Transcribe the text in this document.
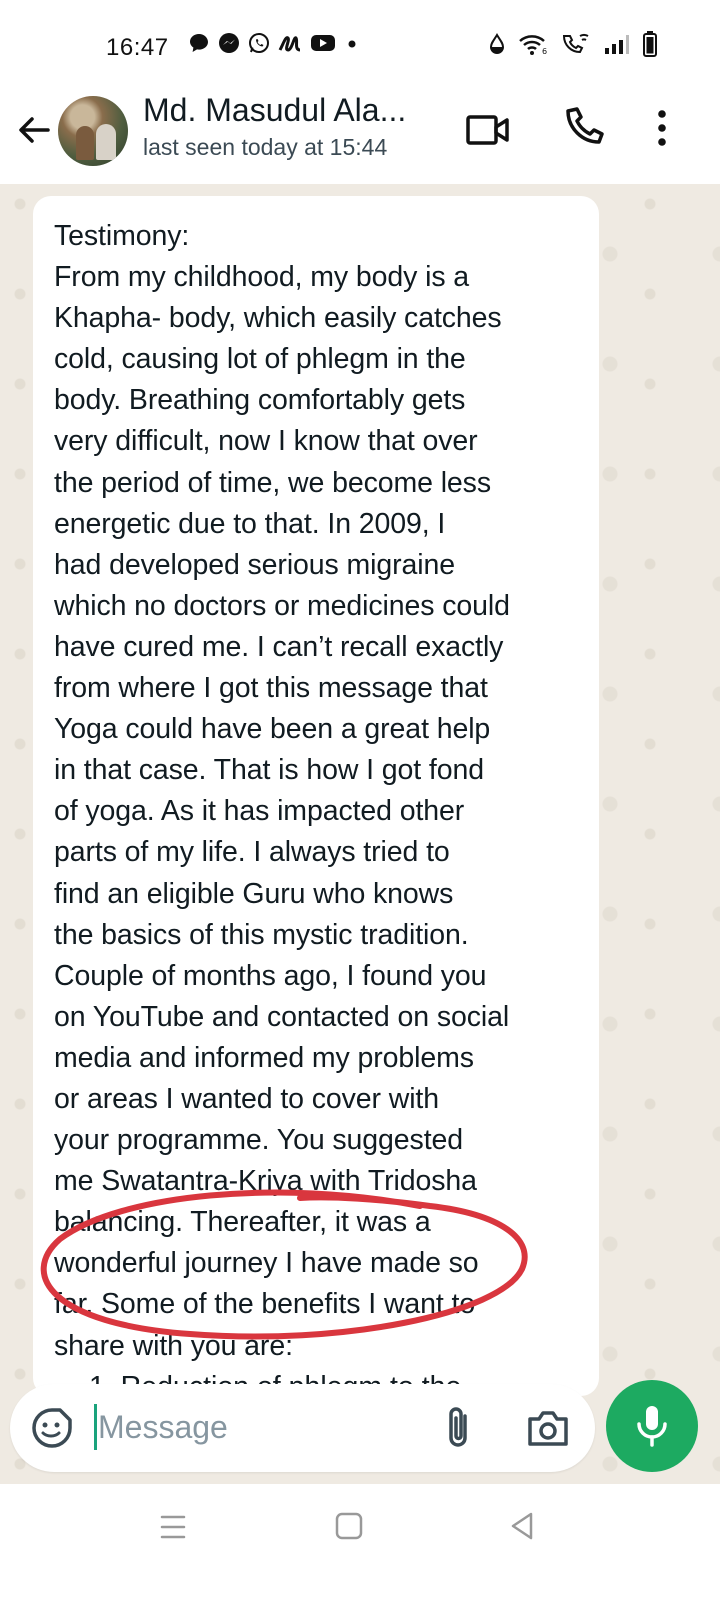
16:47	6
Md. Masudul Ala...
last seen today at 15:44
Testimony:
From my childhood, my body is a
Khapha- body, which easily catches
cold, causing lot of phlegm in the
body. Breathing comfortably gets
very difficult, now I know that over
the period of time, we become less
energetic due to that. In 2009, I
had developed serious migraine
which no doctors or medicines could
have cured me. I can’t recall exactly
from where I got this message that
Yoga could have been a great help
in that case. That is how I got fond
of yoga. As it has impacted other
parts of my life. I always tried to
find an eligible Guru who knows
the basics of this mystic tradition.
Couple of months ago, I found you
on YouTube and contacted on social
media and informed my problems
or areas I wanted to cover with
your programme. You suggested
me Swatantra-Kriya with Tridosha
balancing. Thereafter, it was a
wonderful journey I have made so
far. Some of the benefits I want to
share with you are:
Message
